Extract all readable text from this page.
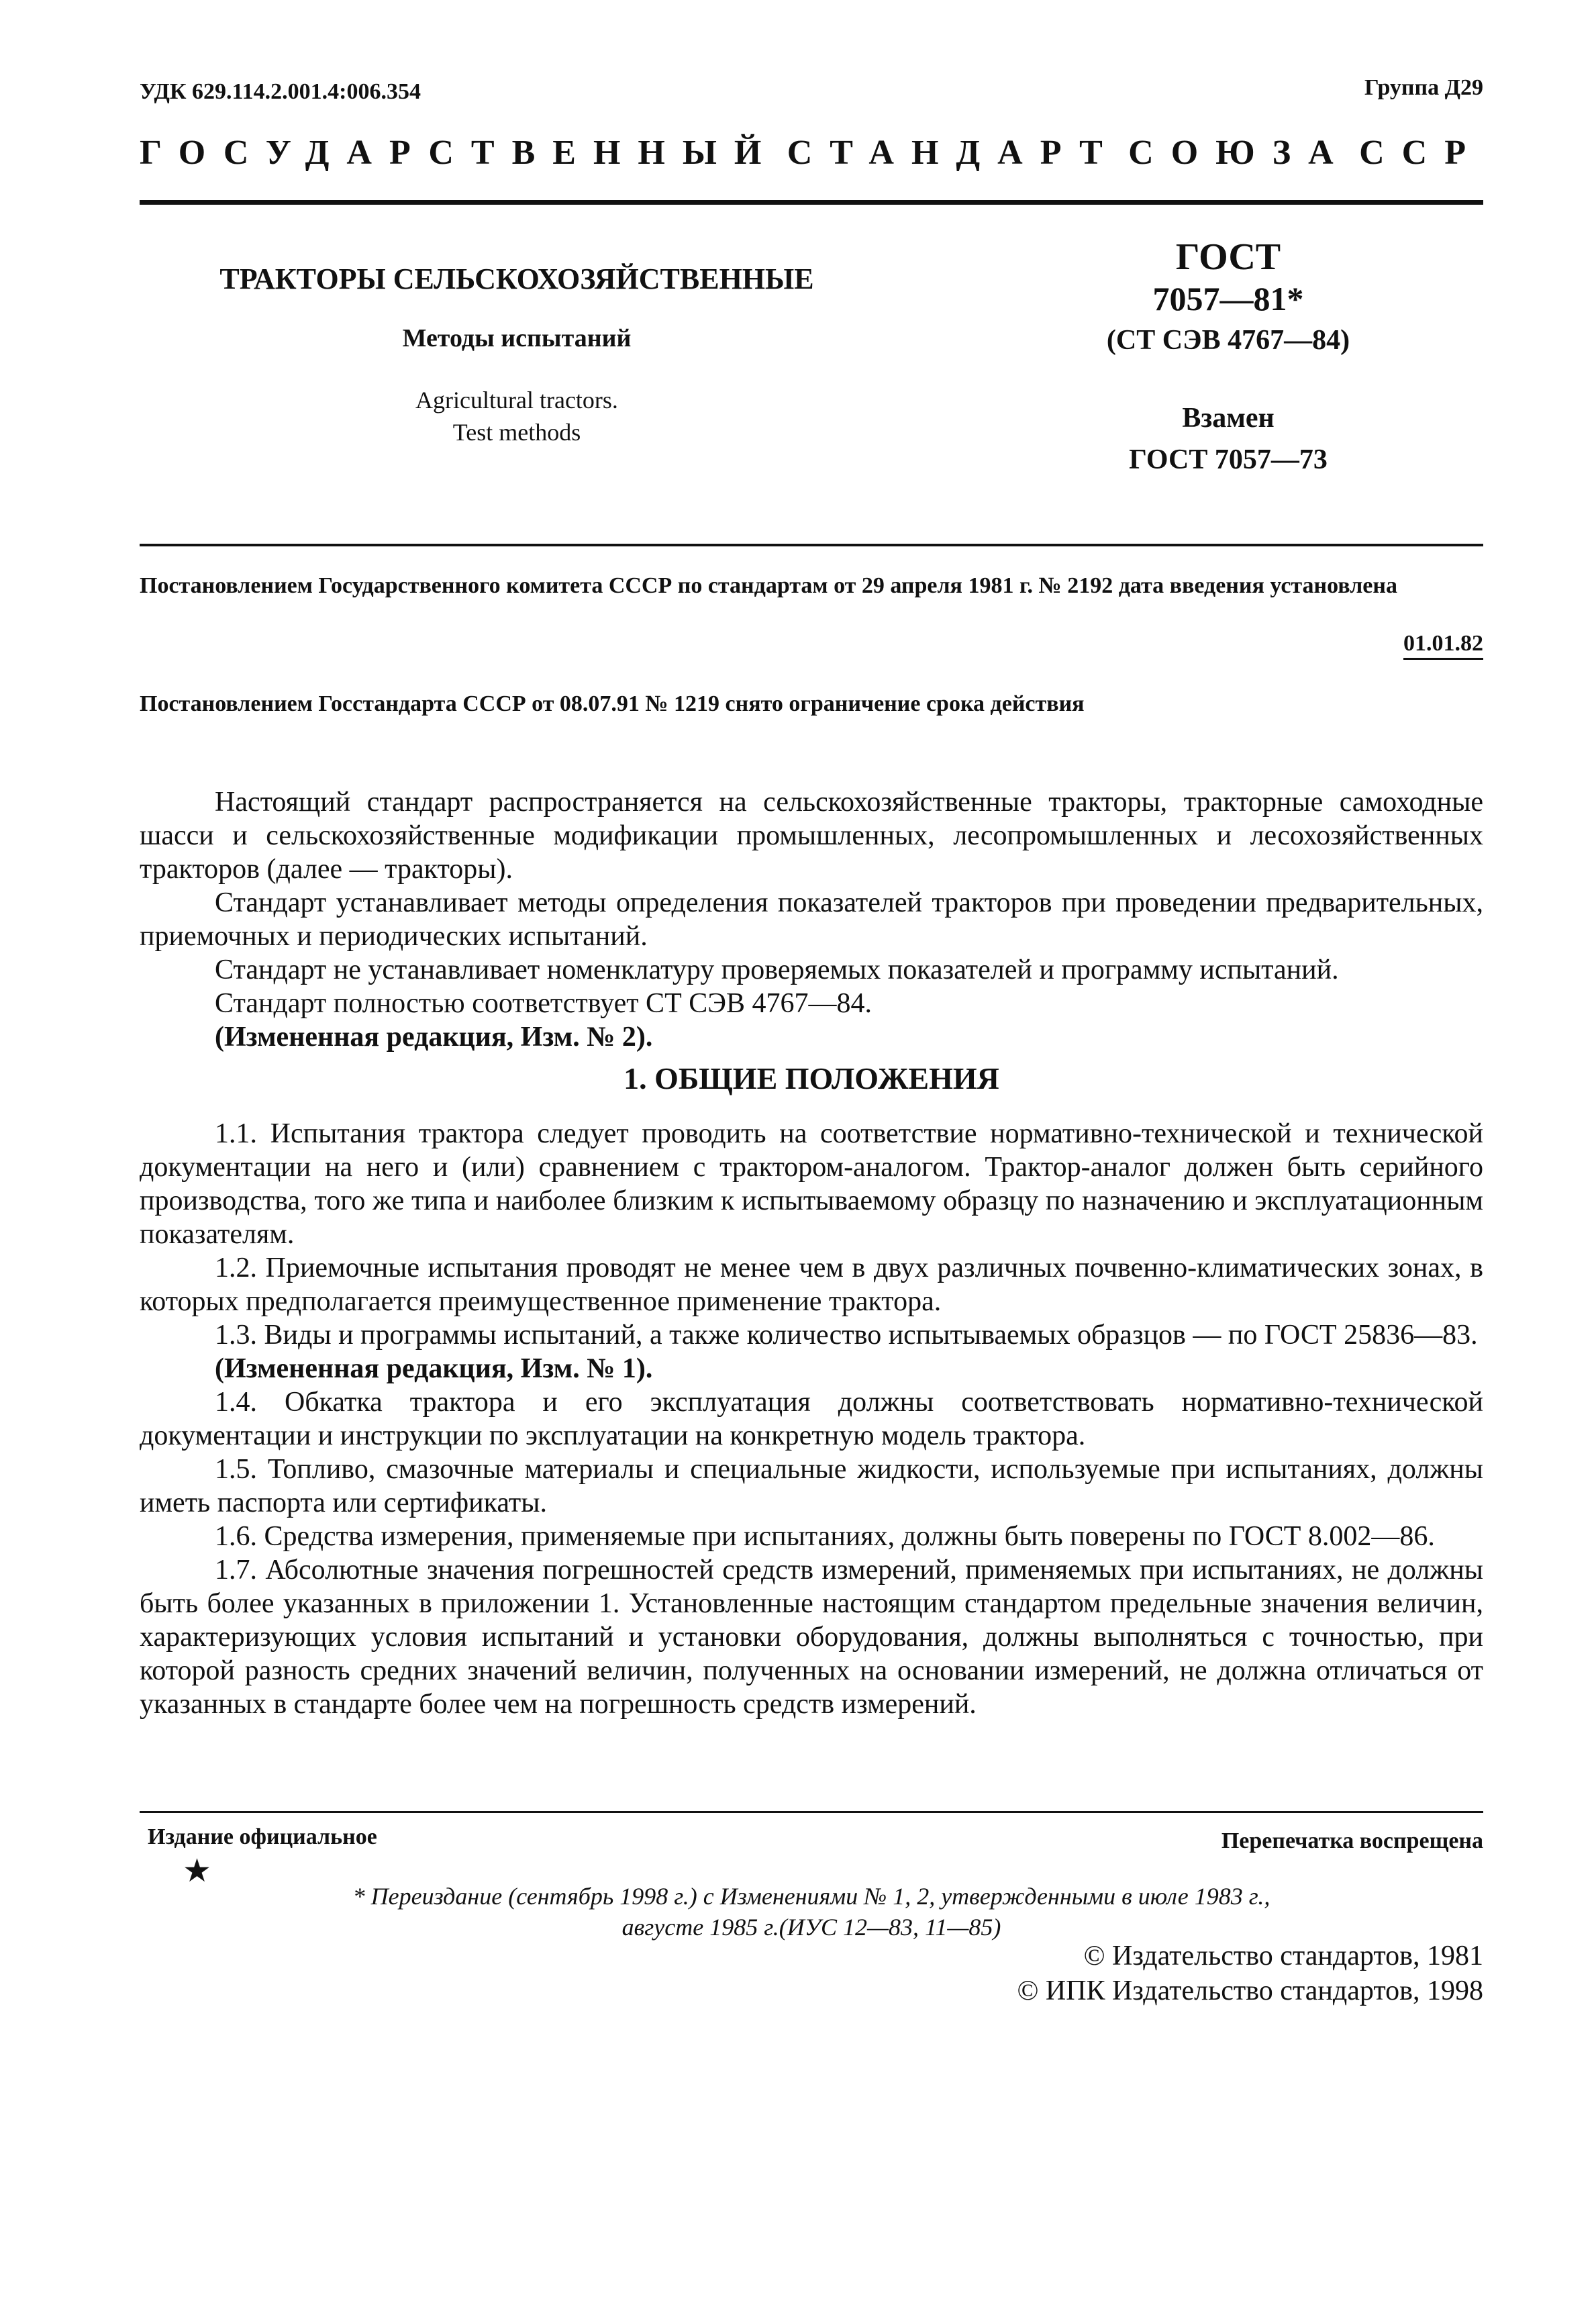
УДК 629.114.2.001.4:006.354	Группа Д29
ГОСУДАРСТВЕННЫЙ СТАНДАРТ СОЮЗА ССР
ТРАКТОРЫ СЕЛЬСКОХОЗЯЙСТВЕННЫЕ
Методы испытаний
Agricultural tractors.
Test methods
ГОСТ
7057—81*
(СТ СЭВ 4767—84)
Взамен
ГОСТ 7057—73
Постановлением Государственного комитета СССР по стандартам от 29 апреля 1981 г. № 2192 дата введения установлена
01.01.82
Постановлением Госстандарта СССР от 08.07.91 № 1219 снято ограничение срока действия

Настоящий стандарт распространяется на сельскохозяйственные тракторы, тракторные самоходные шасси и сельскохозяйственные модификации промышленных, лесопромышленных и лесохозяйственных тракторов (далее — тракторы).

Стандарт устанавливает методы определения показателей тракторов при проведении предварительных, приемочных и периодических испытаний.

Стандарт не устанавливает номенклатуру проверяемых показателей и программу испытаний.

Стандарт полностью соответствует СТ СЭВ 4767—84.

(Измененная редакция, Изм. № 2).

1. ОБЩИЕ ПОЛОЖЕНИЯ

1.1. Испытания трактора следует проводить на соответствие нормативно-технической и технической документации на него и (или) сравнением с трактором-аналогом. Трактор-аналог должен быть серийного производства, того же типа и наиболее близким к испытываемому образцу по назначению и эксплуатационным показателям.

1.2. Приемочные испытания проводят не менее чем в двух различных почвенно-климатических зонах, в которых предполагается преимущественное применение трактора.

1.3. Виды и программы испытаний, а также количество испытываемых образцов — по ГОСТ 25836—83.

(Измененная редакция, Изм. № 1).

1.4. Обкатка трактора и его эксплуатация должны соответствовать нормативно-технической документации и инструкции по эксплуатации на конкретную модель трактора.

1.5. Топливо, смазочные материалы и специальные жидкости, используемые при испытаниях, должны иметь паспорта или сертификаты.

1.6. Средства измерения, применяемые при испытаниях, должны быть поверены по ГОСТ 8.002—86.

1.7. Абсолютные значения погрешностей средств измерений, применяемых при испытаниях, не должны быть более указанных в приложении 1. Установленные настоящим стандартом предельные значения величин, характеризующих условия испытаний и установки оборудования, должны выполняться с точностью, при которой разность средних значений величин, полученных на основании измерений, не должна отличаться от указанных в стандарте более чем на погрешность средств измерений.

Издание официальное
★
Перепечатка воспрещена
* Переиздание (сентябрь 1998 г.) с Изменениями № 1, 2, утвержденными в июле 1983 г.,
августе 1985 г.(ИУС 12—83, 11—85)
© Издательство стандартов, 1981
© ИПК Издательство стандартов, 1998
